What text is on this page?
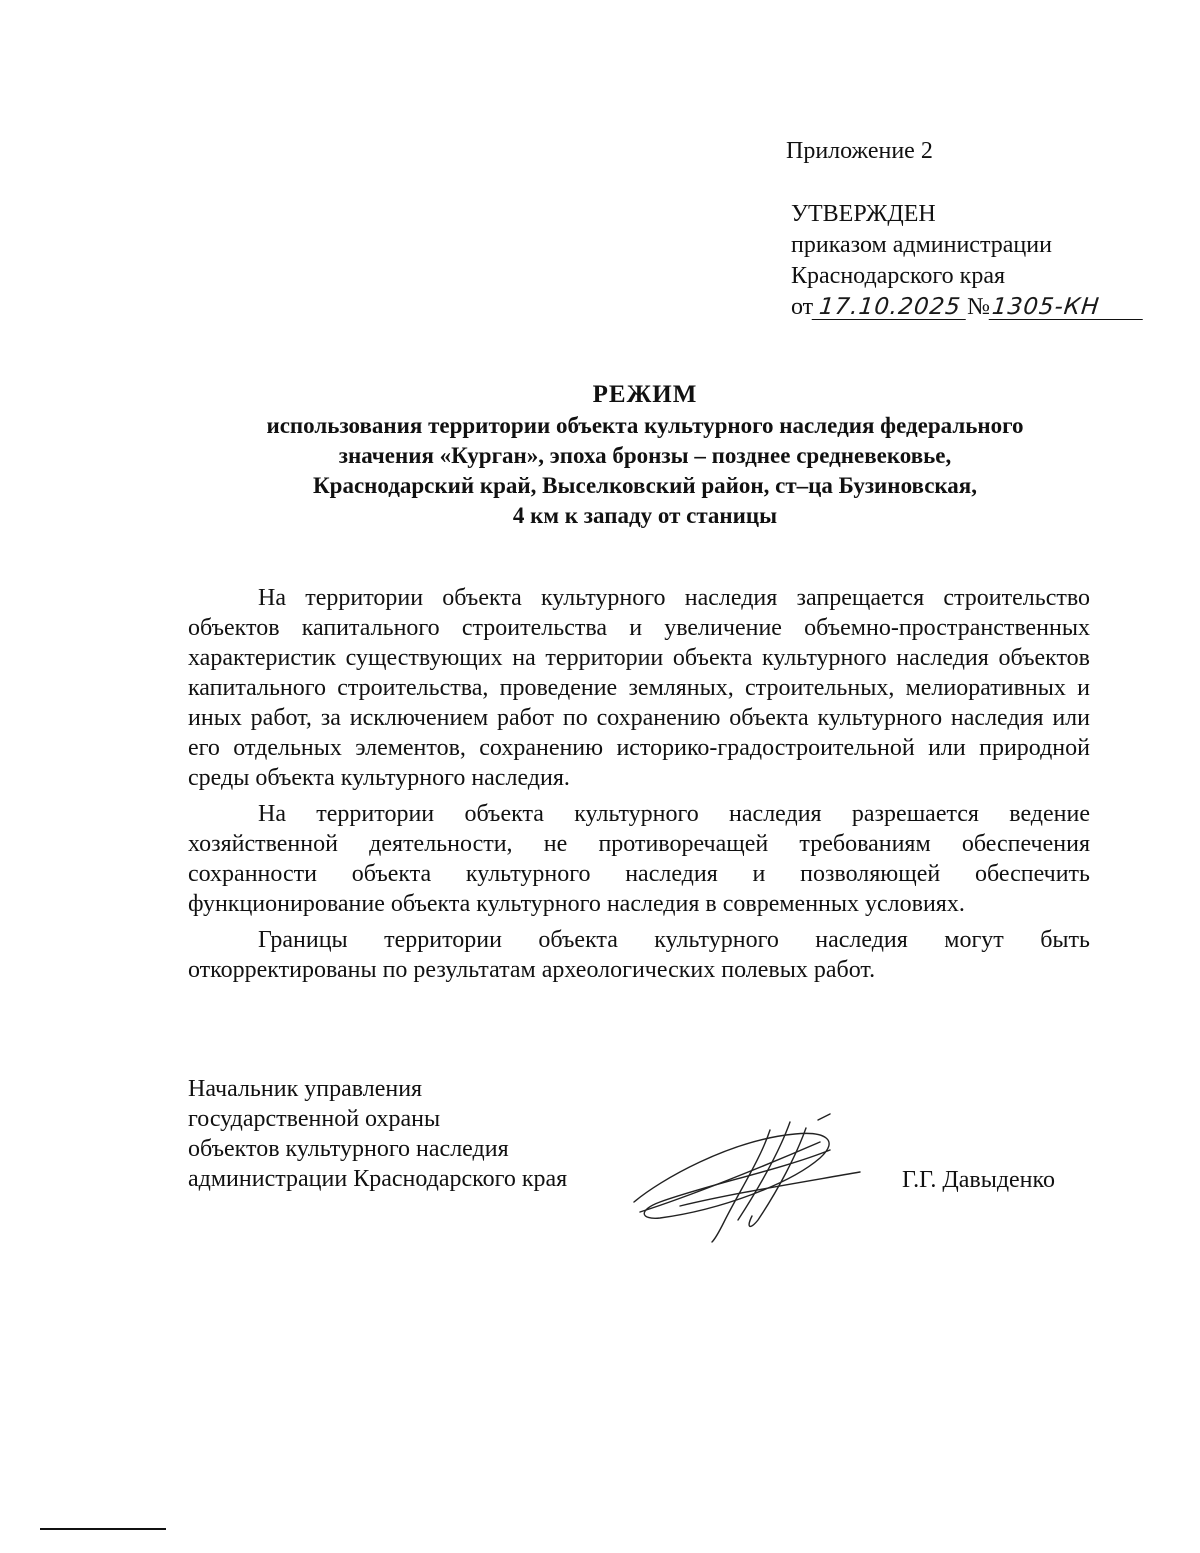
Приложение 2
УТВЕРЖДЕН
приказом администрации
Краснодарского края
от 17.10.2025 №1305-КН
РЕЖИМ
использования территории объекта культурного наследия федерального
значения «Курган», эпоха бронзы – позднее средневековье,
Краснодарский край, Выселковский район, ст–ца Бузиновская,
4 км к западу от станицы

На территории объекта культурного наследия запрещается строительство объектов капитального строительства и увеличение объемно-пространственных характеристик существующих на территории объекта культурного наследия объектов капитального строительства, проведение земляных, строительных, мелиоративных и иных работ, за исключением работ по сохранению объекта культурного наследия или его отдельных элементов, сохранению историко-градостроительной или природной среды объекта культурного наследия.

На территории объекта культурного наследия разрешается ведение хозяйственной деятельности, не противоречащей требованиям обеспечения сохранности объекта культурного наследия и позволяющей обеспечить функционирование объекта культурного наследия в современных условиях.

Границы территории объекта культурного наследия могут быть откорректированы по результатам археологических полевых работ.

Начальник управления
государственной охраны
объектов культурного наследия
администрации Краснодарского края	Г.Г. Давыденко
